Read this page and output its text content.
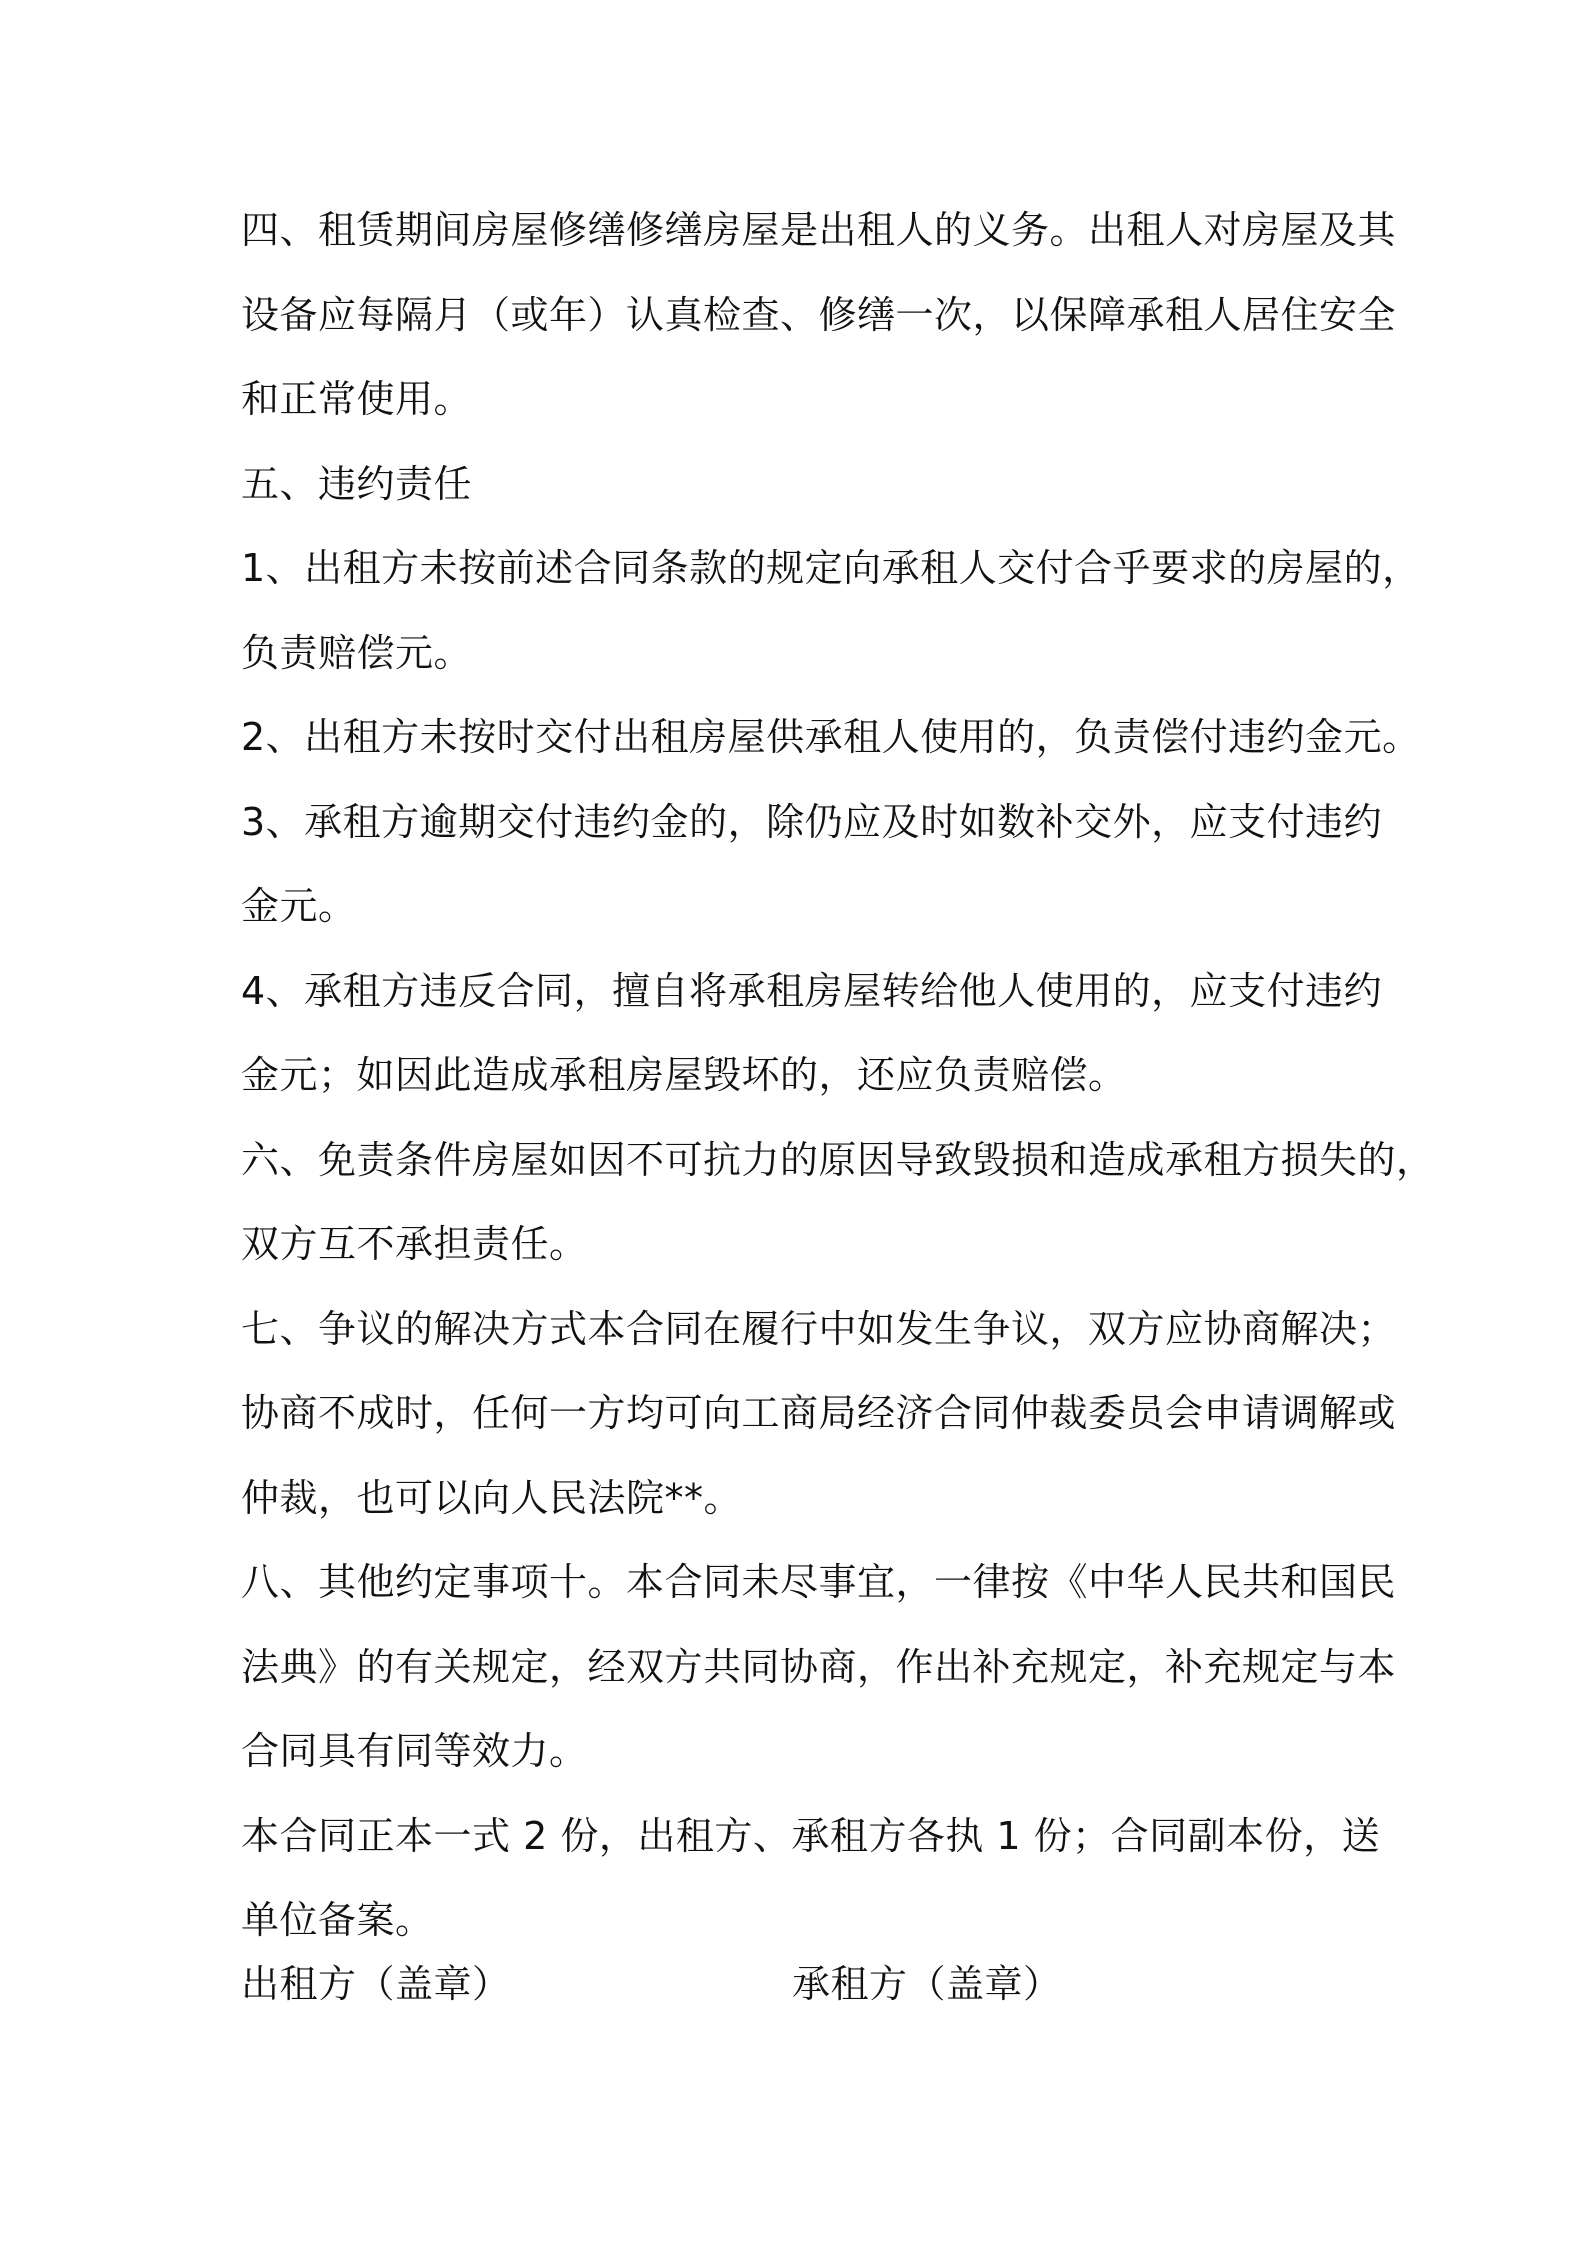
四、租赁期间房屋修缮修缮房屋是出租人的义务。出租人对房屋及其
设备应每隔月（或年）认真检查、修缮一次，以保障承租人居住安全
和正常使用。
五、违约责任
1、出租方未按前述合同条款的规定向承租人交付合乎要求的房屋的，
负责赔偿元。
2、出租方未按时交付出租房屋供承租人使用的，负责偿付违约金元。
3、承租方逾期交付违约金的，除仍应及时如数补交外，应支付违约
金元。
4、承租方违反合同，擅自将承租房屋转给他人使用的，应支付违约
金元；如因此造成承租房屋毁坏的，还应负责赔偿。
六、免责条件房屋如因不可抗力的原因导致毁损和造成承租方损失的，
双方互不承担责任。
七、争议的解决方式本合同在履行中如发生争议，双方应协商解决；
协商不成时，任何一方均可向工商局经济合同仲裁委员会申请调解或
仲裁，也可以向人民法院**。
八、其他约定事项十。本合同未尽事宜，一律按《中华人民共和国民
法典》的有关规定，经双方共同协商，作出补充规定，补充规定与本
合同具有同等效力。
本合同正本一式 2 份，出租方、承租方各执 1 份；合同副本份，送
单位备案。
出租方（盖章）	承租方（盖章）
